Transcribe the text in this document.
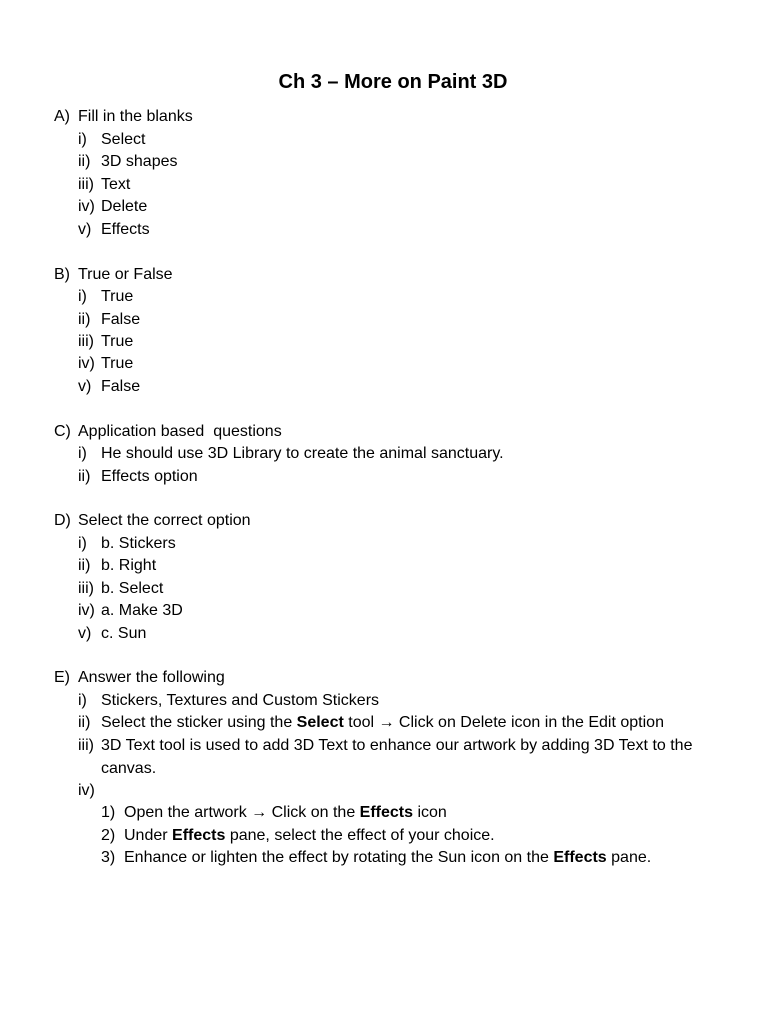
Ch 3 – More on Paint 3D
A) Fill in the blanks
i) Select
ii) 3D shapes
iii) Text
iv) Delete
v) Effects
B) True or False
i) True
ii) False
iii) True
iv) True
v) False
C) Application based  questions
i) He should use 3D Library to create the animal sanctuary.
ii) Effects option
D) Select the correct option
i) b. Stickers
ii) b. Right
iii) b. Select
iv) a. Make 3D
v) c. Sun
E) Answer the following
i) Stickers, Textures and Custom Stickers
ii) Select the sticker using the Select tool → Click on Delete icon in the Edit option
iii) 3D Text tool is used to add 3D Text to enhance our artwork by adding 3D Text to the
canvas.
iv)
1) Open the artwork → Click on the Effects icon
2) Under Effects pane, select the effect of your choice.
3) Enhance or lighten the effect by rotating the Sun icon on the Effects pane.
